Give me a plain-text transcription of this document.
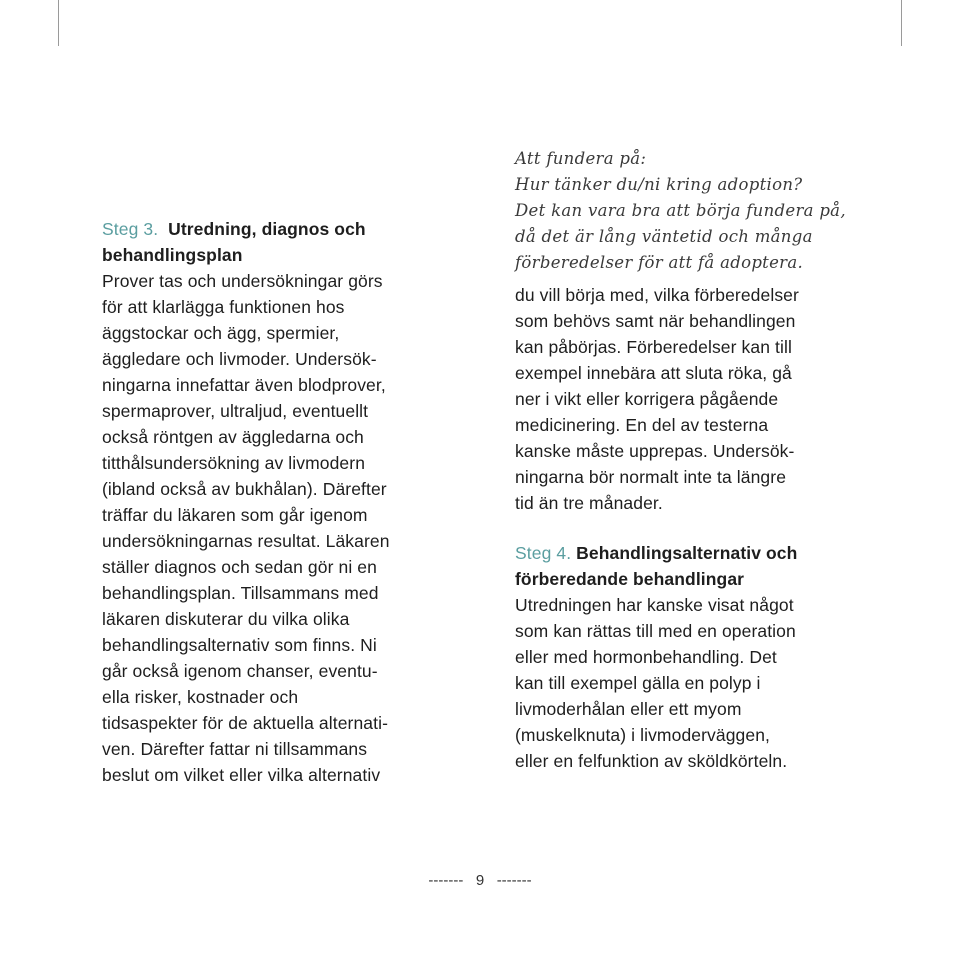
Steg 3. Utredning, diagnos och
behandlingsplan
Prover tas och undersökningar görs
för att klarlägga funktionen hos
äggstockar och ägg, spermier,
äggledare och livmoder. Undersök-
ningarna innefattar även blodprover,
spermaprover, ultraljud, eventuellt
också röntgen av äggledarna och
titthålsundersökning av livmodern
(ibland också av bukhålan). Därefter
träffar du läkaren som går igenom
undersökningarnas resultat. Läkaren
ställer diagnos och sedan gör ni en
behandlingsplan. Tillsammans med
läkaren diskuterar du vilka olika
behandlingsalternativ som finns. Ni
går också igenom chanser, eventu-
ella risker, kostnader och
tidsaspekter för de aktuella alternati-
ven. Därefter fattar ni tillsammans
beslut om vilket eller vilka alternativ
Att fundera på:
Hur tänker du/ni kring adoption?
Det kan vara bra att börja fundera på,
då det är lång väntetid och många
förberedelser för att få adoptera.
du vill börja med, vilka förberedelser
som behövs samt när behandlingen
kan påbörjas. Förberedelser kan till
exempel innebära att sluta röka, gå
ner i vikt eller korrigera pågående
medicinering. En del av testerna
kanske måste upprepas. Undersök-
ningarna bör normalt inte ta längre
tid än tre månader.
Steg 4. Behandlingsalternativ och
förberedande behandlingar
Utredningen har kanske visat något
som kan rättas till med en operation
eller med hormonbehandling. Det
kan till exempel gälla en polyp i
livmoderhålan eller ett myom
(muskelknuta) i livmoderväggen,
eller en felfunktion av sköldkörteln.
------- 9 -------
